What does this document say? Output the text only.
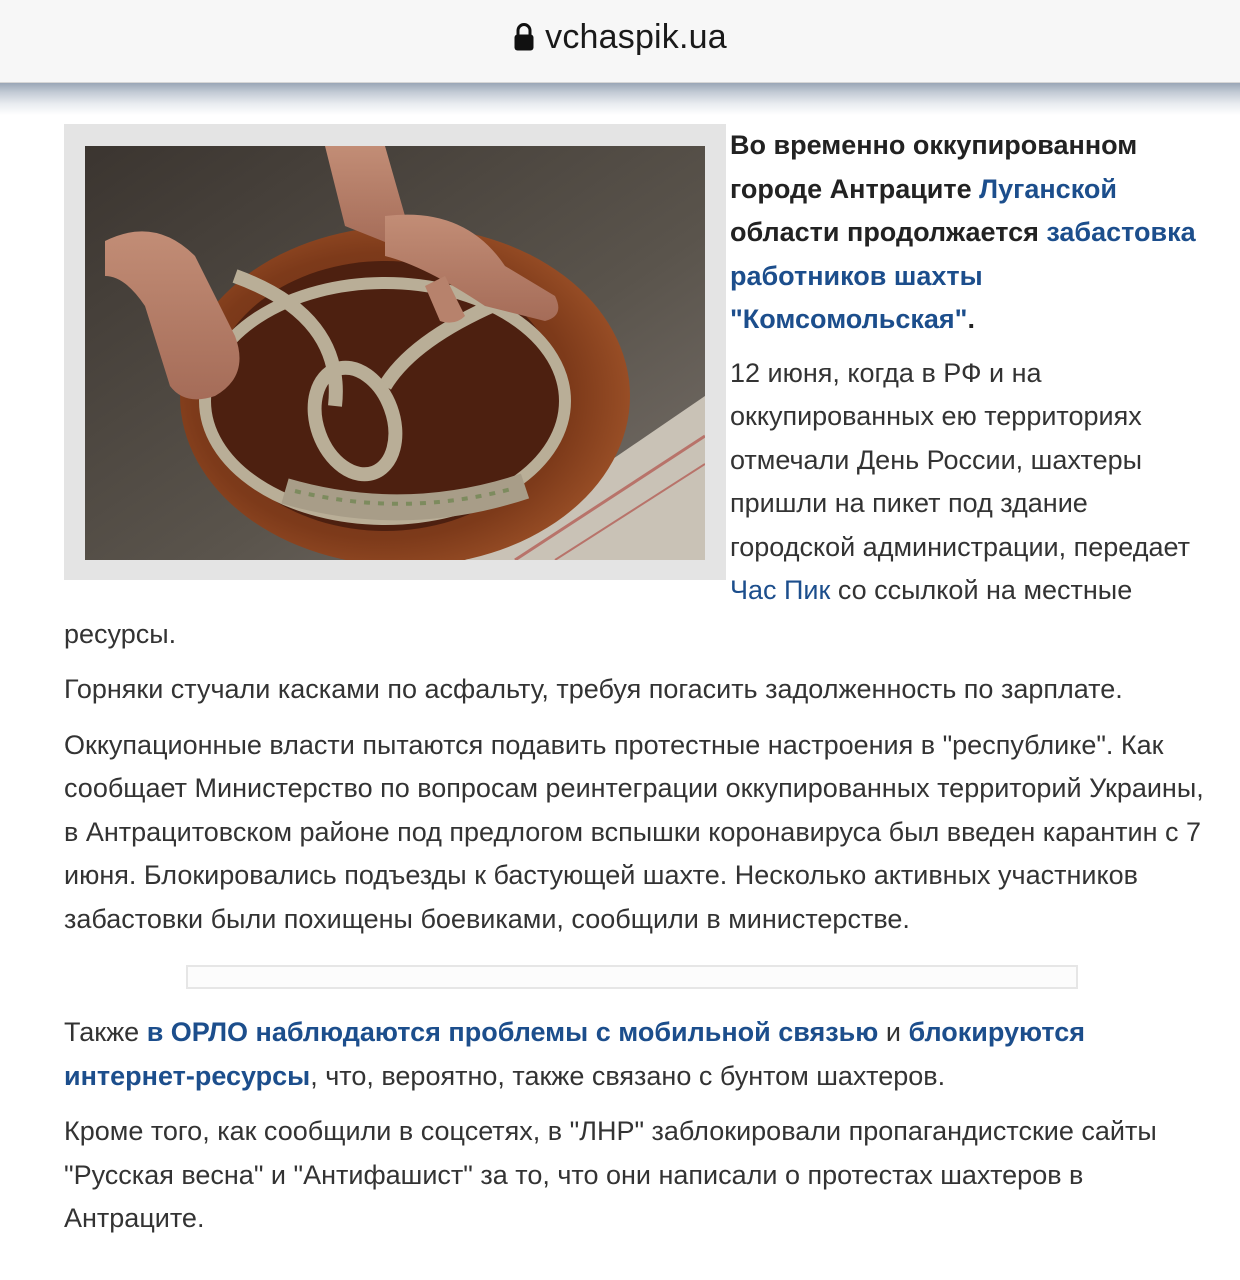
vchaspik.ua

Во временно оккупированном городе Антраците Луганской области продолжается забастовка работников шахты "Комсомольская".

12 июня, когда в РФ и на оккупированных ею территориях отмечали День России, шахтеры пришли на пикет под здание городской администрации, передает Час Пик со ссылкой на местные ресурсы.

Горняки стучали касками по асфальту, требуя погасить задолженность по зарплате.

Оккупационные власти пытаются подавить протестные настроения в "республике". Как сообщает Министерство по вопросам реинтеграции оккупированных территорий Украины, в Антрацитовском районе под предлогом вспышки коронавируса был введен карантин с 7 июня. Блокировались подъезды к бастующей шахте. Несколько активных участников забастовки были похищены боевиками, сообщили в министерстве.

Также в ОРЛО наблюдаются проблемы с мобильной связью и блокируются интернет-ресурсы, что, вероятно, также связано с бунтом шахтеров.

Кроме того, как сообщили в соцсетях, в "ЛНР" заблокировали пропагандистские сайты "Русская весна" и "Антифашист" за то, что они написали о протестах шахтеров в Антраците.
